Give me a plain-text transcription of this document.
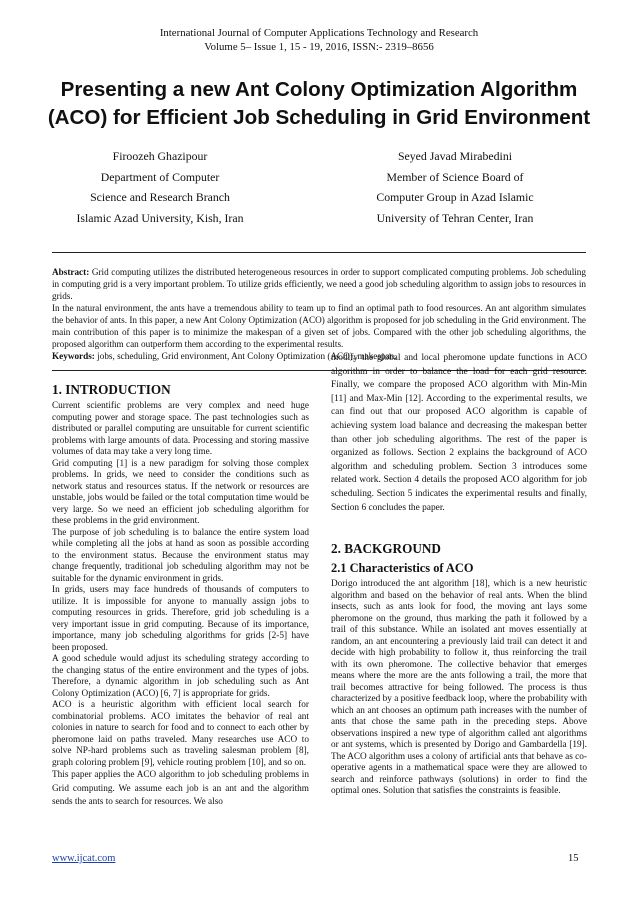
International Journal of Computer Applications Technology and Research
Volume 5– Issue 1, 15 - 19, 2016, ISSN:- 2319–8656
Presenting a new Ant Colony Optimization Algorithm (ACO) for Efficient Job Scheduling in Grid Environment
Firoozeh Ghazipour
Department of Computer
Science and Research Branch
Islamic Azad University, Kish, Iran
Seyed Javad Mirabedini
Member of Science Board of
Computer Group in Azad Islamic
University of Tehran Center, Iran

Abstract: Grid computing utilizes the distributed heterogeneous resources in order to support complicated computing problems. Job scheduling in computing grid is a very important problem. To utilize grids efficiently, we need a good job scheduling algorithm to assign jobs to resources in grids.

In the natural environment, the ants have a tremendous ability to team up to find an optimal path to food resources. An ant algorithm simulates the behavior of ants. In this paper, a new Ant Colony Optimization (ACO) algorithm is proposed for job scheduling in the Grid environment. The main contribution of this paper is to minimize the makespan of a given set of jobs. Compared with the other job scheduling algorithms, the proposed algorithm can outperform them according to the experimental results.

Keywords: jobs, scheduling, Grid environment, Ant Colony Optimization (ACO), makespan.
1. INTRODUCTION

Current scientific problems are very complex and need huge computing power and storage space. The past technologies such as distributed or parallel computing are unsuitable for current scientific problems with large amounts of data. Processing and storing massive volumes of data may take a very long time.

Grid computing [1] is a new paradigm for solving those complex problems. In grids, we need to consider the conditions such as network status and resources status. If the network or resources are unstable, jobs would be failed or the total computation time would be very large. So we need an efficient job scheduling algorithm for these problems in the grid environment.

The purpose of job scheduling is to balance the entire system load while completing all the jobs at hand as soon as possible according to the environment status. Because the environment status may change frequently, traditional job scheduling algorithm may not be suitable for the dynamic environment in grids.

In grids, users may face hundreds of thousands of computers to utilize. It is impossible for anyone to manually assign jobs to computing resources in grids. Therefore, grid job scheduling is a very important issue in grid computing. Because of its importance, importance, many job scheduling algorithms for grids [2-5] have been proposed.

A good schedule would adjust its scheduling strategy according to the changing status of the entire environment and the types of jobs. Therefore, a dynamic algorithm in job scheduling such as Ant Colony Optimization (ACO) [6, 7] is appropriate for grids.

ACO is a heuristic algorithm with efficient local search for combinatorial problems. ACO imitates the behavior of real ant colonies in nature to search for food and to connect to each other by pheromone laid on paths traveled. Many researches use ACO to solve NP-hard problems such as traveling salesman problem [8], graph coloring problem [9], vehicle routing problem [10], and so on.

This paper applies the ACO algorithm to job scheduling problems in Grid computing. We assume each job is an ant and the algorithm sends the ants to search for resources. We also

modify the global and local pheromone update functions in ACO algorithm in order to balance the load for each grid resource. Finally, we compare the proposed ACO algorithm with Min-Min [11] and Max-Min [12]. According to the experimental results, we can find out that our proposed ACO algorithm is capable of achieving system load balance and decreasing the makespan better than other job scheduling algorithms. The rest of the paper is organized as follows. Section 2 explains the background of ACO algorithm and scheduling problem. Section 3 introduces some related work. Section 4 details the proposed ACO algorithm for job scheduling. Section 5 indicates the experimental results and finally, Section 6 concludes the paper.

2. BACKGROUND
2.1 Characteristics of ACO

Dorigo introduced the ant algorithm [18], which is a new heuristic algorithm and based on the behavior of real ants. When the blind insects, such as ants look for food, the moving ant lays some pheromone on the ground, thus marking the path it followed by a trail of this substance. While an isolated ant moves essentially at random, an ant encountering a previously laid trail can detect it and decide with high probability to follow it, thus reinforcing the trail with its own pheromone. The collective behavior that emerges means where the more are the ants following a trail, the more that trail becomes attractive for being followed. The process is thus characterized by a positive feedback loop, where the probability with which an ant chooses an optimum path increases with the number of ants that chose the same path in the preceding steps. Above observations inspired a new type of algorithm called ant algorithms or ant systems, which is presented by Dorigo and Gambardella [19]. The ACO algorithm uses a colony of artificial ants that behave as co-operative agents in a mathematical space were they are allowed to search and reinforce pathways (solutions) in order to find the optimal ones. Solution that satisfies the constraints is feasible.

www.ijcat.com	15
